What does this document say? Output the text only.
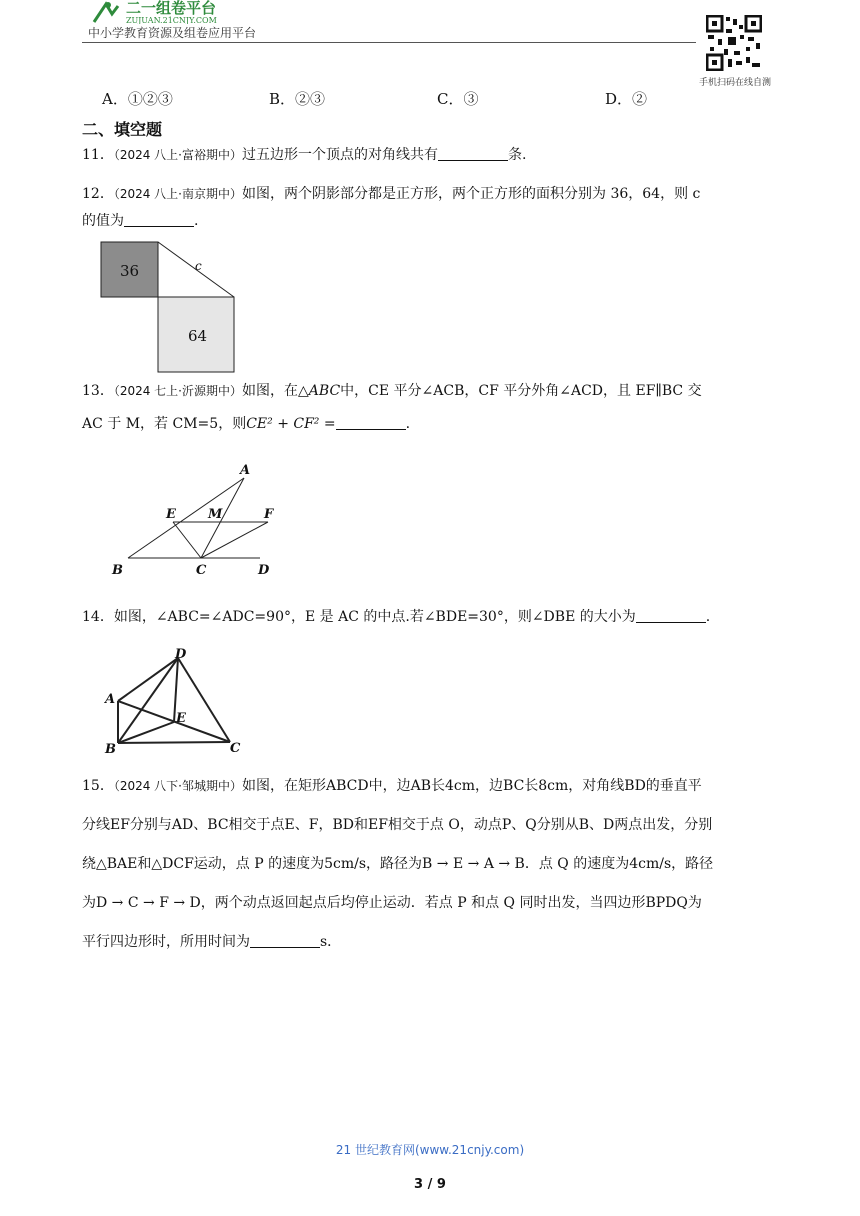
二一组卷平台
ZUJUAN.21CNJY.COM
中小学教育资源及组卷应用平台
手机扫码在线自测
A．①②③	B．②③	C．③	D．②
二、填空题
11．（2024 八上·富裕期中）过五边形一个顶点的对角线共有	条.
12．（2024 八上·南京期中）如图，两个阴影部分都是正方形，两个正方形的面积分别为 36，64，则 c
的值为	.
36
64
c
13．（2024 七上·沂源期中）如图，在△ABC中，CE 平分∠ACB，CF 平分外角∠ACD，且 EF∥BC 交
AC 于 M，若 CM=5，则CE² + CF² =	.
A
E M	F
B	C	D
14．如图，∠ABC=∠ADC=90°，E 是 AC 的中点.若∠BDE=30°，则∠DBE 的大小为	.
D
A
E
B	C
15．（2024 八下·邹城期中）如图，在矩形ABCD中，边AB长4cm，边BC长8cm，对角线BD的垂直平
分线EF分别与AD、BC相交于点E、F，BD和EF相交于点 O，动点P、Q分别从B、D两点出发，分别
绕△BAE和△DCF运动，点 P 的速度为5cm/s，路径为B → E → A → B．点 Q 的速度为4cm/s，路径
为D → C → F → D，两个动点返回起点后均停止运动．若点 P 和点 Q 同时出发，当四边形BPDQ为
平行四边形时，所用时间为	s．
21 世纪教育网(www.21cnjy.com)
3 / 9
